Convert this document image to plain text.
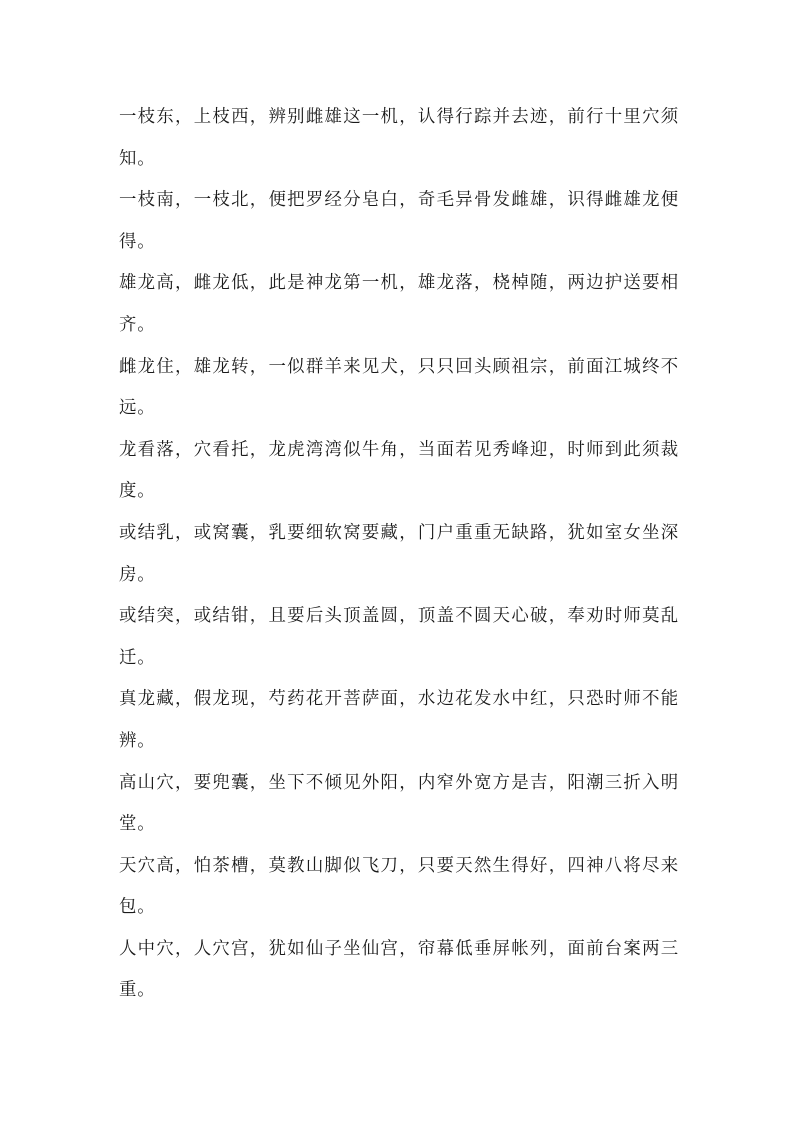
一枝东，上枝西，辨别雌雄这一机，认得行踪并去迹，前行十里穴须知。

一枝南，一枝北，便把罗经分皂白，奇毛异骨发雌雄，识得雌雄龙便得。

雄龙高，雌龙低，此是神龙第一机，雄龙落，桡棹随，两边护送要相齐。

雌龙住，雄龙转，一似群羊来见犬，只只回头顾祖宗，前面江城终不远。

龙看落，穴看托，龙虎湾湾似牛角，当面若见秀峰迎，时师到此须裁度。

或结乳，或窝囊，乳要细软窝要藏，门户重重无缺路，犹如室女坐深房。

或结突，或结钳，且要后头顶盖圆，顶盖不圆天心破，奉劝时师莫乱迁。

真龙藏，假龙现，芍药花开菩萨面，水边花发水中红，只恐时师不能辨。

高山穴，要兜囊，坐下不倾见外阳，内窄外宽方是吉，阳潮三折入明堂。

天穴高，怕茶槽，莫教山脚似飞刀，只要天然生得好，四神八将尽来包。

人中穴，人穴宫，犹如仙子坐仙宫，帘幕低垂屏帐列，面前台案两三重。
